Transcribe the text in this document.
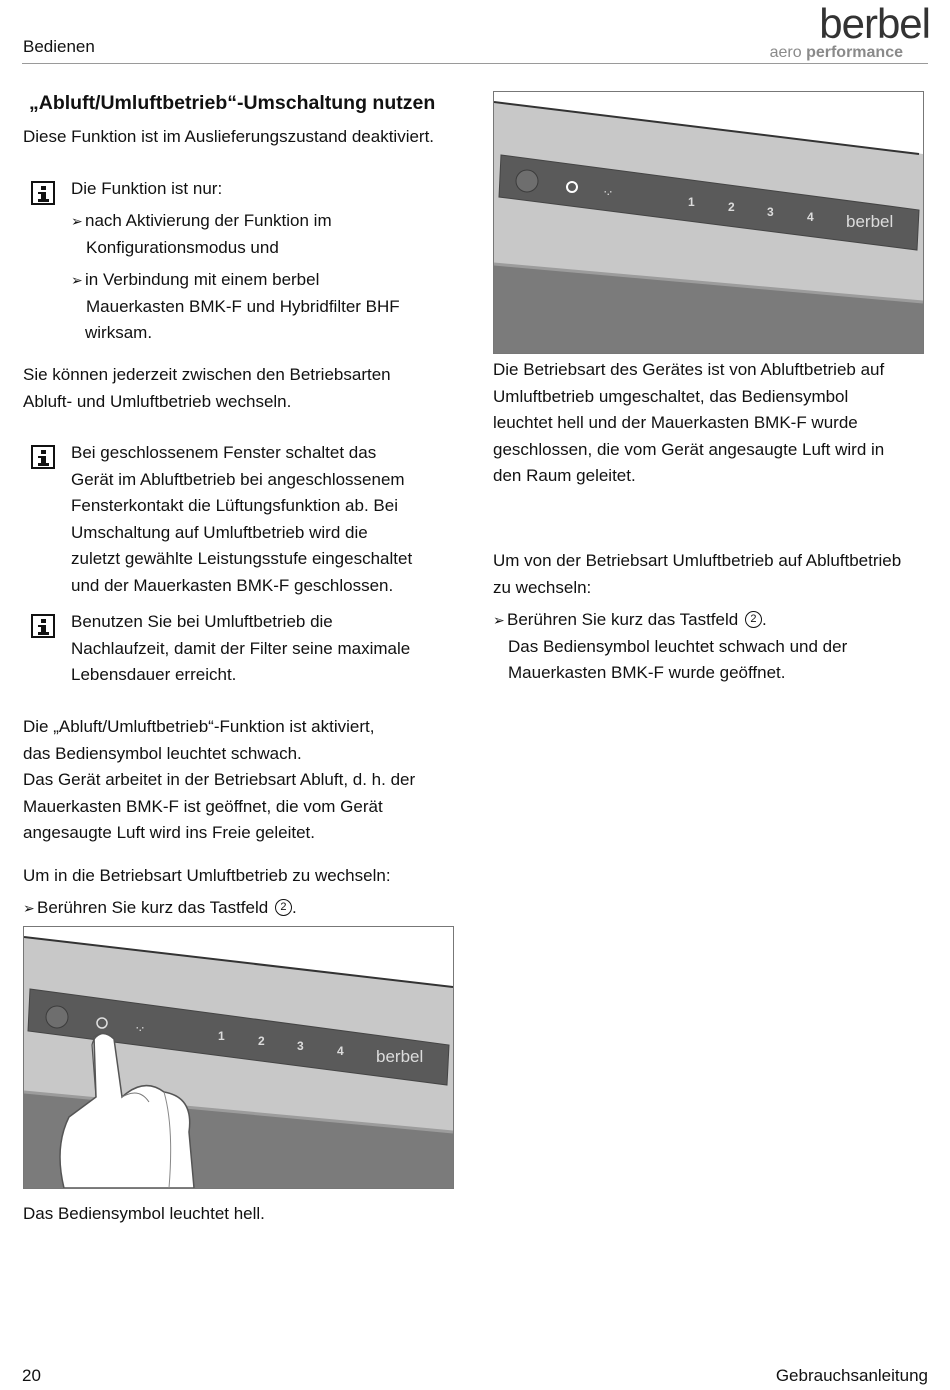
Bedienen	berbel
aero performance
„Abluft/Umluftbetrieb“-Umschaltung nutzen
Diese Funktion ist im Auslieferungszustand deaktiviert.
Die Funktion ist nur:
➢ nach Aktivierung der Funktion im
Konfigurationsmodus und
➢ in Verbindung mit einem berbel
Mauerkasten BMK-F und Hybridfilter BHF
wirksam.
Sie können jederzeit zwischen den Betriebsarten
Abluft- und Umluftbetrieb wechseln.
Bei geschlossenem Fenster schaltet das
Gerät im Abluftbetrieb bei angeschlossenem
Fensterkontakt die Lüftungsfunktion ab. Bei
Umschaltung auf Umluftbetrieb wird die
zuletzt gewählte Leistungsstufe eingeschaltet
und der Mauerkasten BMK-F geschlossen.
Benutzen Sie bei Umluftbetrieb die
Nachlaufzeit, damit der Filter seine maximale
Lebensdauer erreicht.
Die „Abluft/Umluftbetrieb“-Funktion ist aktiviert,
das Bediensymbol leuchtet schwach.
Das Gerät arbeitet in der Betriebsart Abluft, d. h. der
Mauerkasten BMK-F ist geöffnet, die vom Gerät
angesaugte Luft wird ins Freie geleitet.
Um in die Betriebsart Umluftbetrieb zu wechseln:
➢ Berühren Sie kurz das Tastfeld 2 .
·.·
1	2	3	4 berbel
Das Bediensymbol leuchtet hell.
·.·
1	2	3	4 berbel
Die Betriebsart des Gerätes ist von Abluftbetrieb auf
Umluftbetrieb umgeschaltet, das Bediensymbol
leuchtet hell und der Mauerkasten BMK-F wurde
geschlossen, die vom Gerät angesaugte Luft wird in
den Raum geleitet.
Um von der Betriebsart Umluftbetrieb auf Abluftbetrieb
zu wechseln:
➢ Berühren Sie kurz das Tastfeld 2 .
Das Bediensymbol leuchtet schwach und der
Mauerkasten BMK-F wurde geöffnet.
20	Gebrauchsanleitung
